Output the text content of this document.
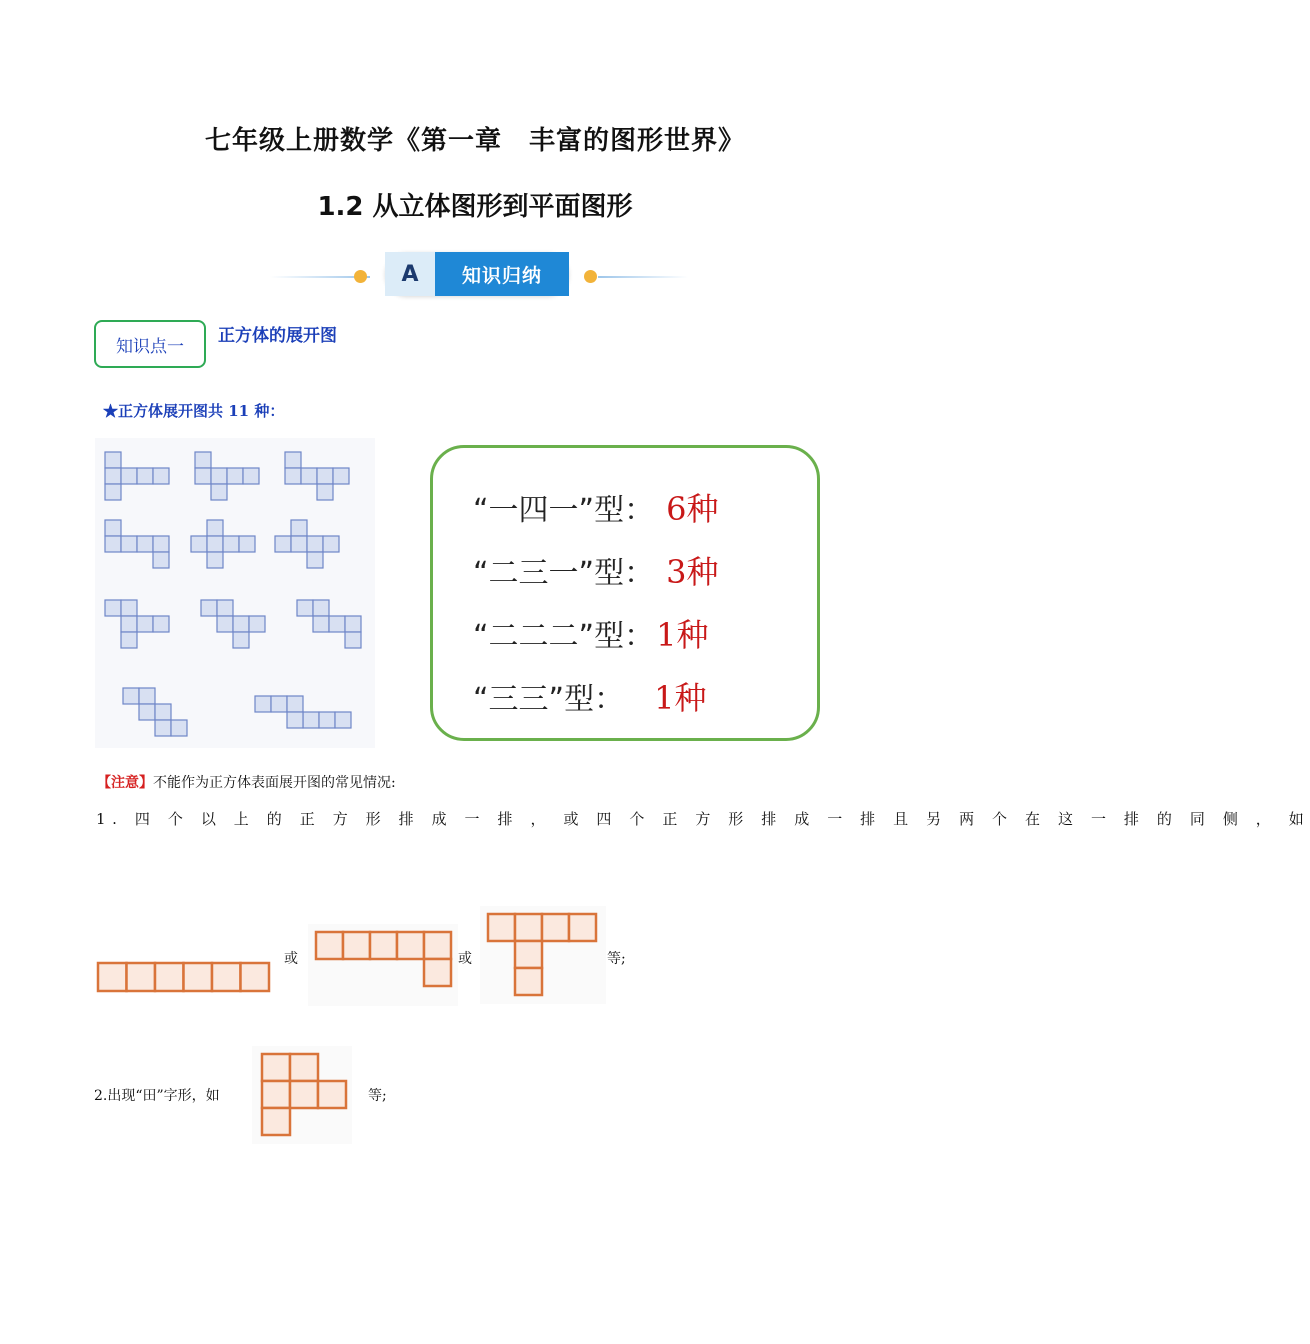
七年级上册数学《第一章　丰富的图形世界》
1.2 从立体图形到平面图形
A	知识归纳
知识点一
正方体的展开图
★正方体展开图共 11 种：
“一四一”型： 6种
“二三一”型： 3种
“二二二”型：1种
“三三”型： 1种
【注意】不能作为正方体表面展开图的常见情况:
1. 四 个 以 上 的 正 方 形 排 成 一 排 ， 或 四 个 正 方 形 排 成 一 排 且 另 两 个 在 这 一 排 的 同 侧 ， 如
或	或	等;
2.出现“田”字形，如	等;
